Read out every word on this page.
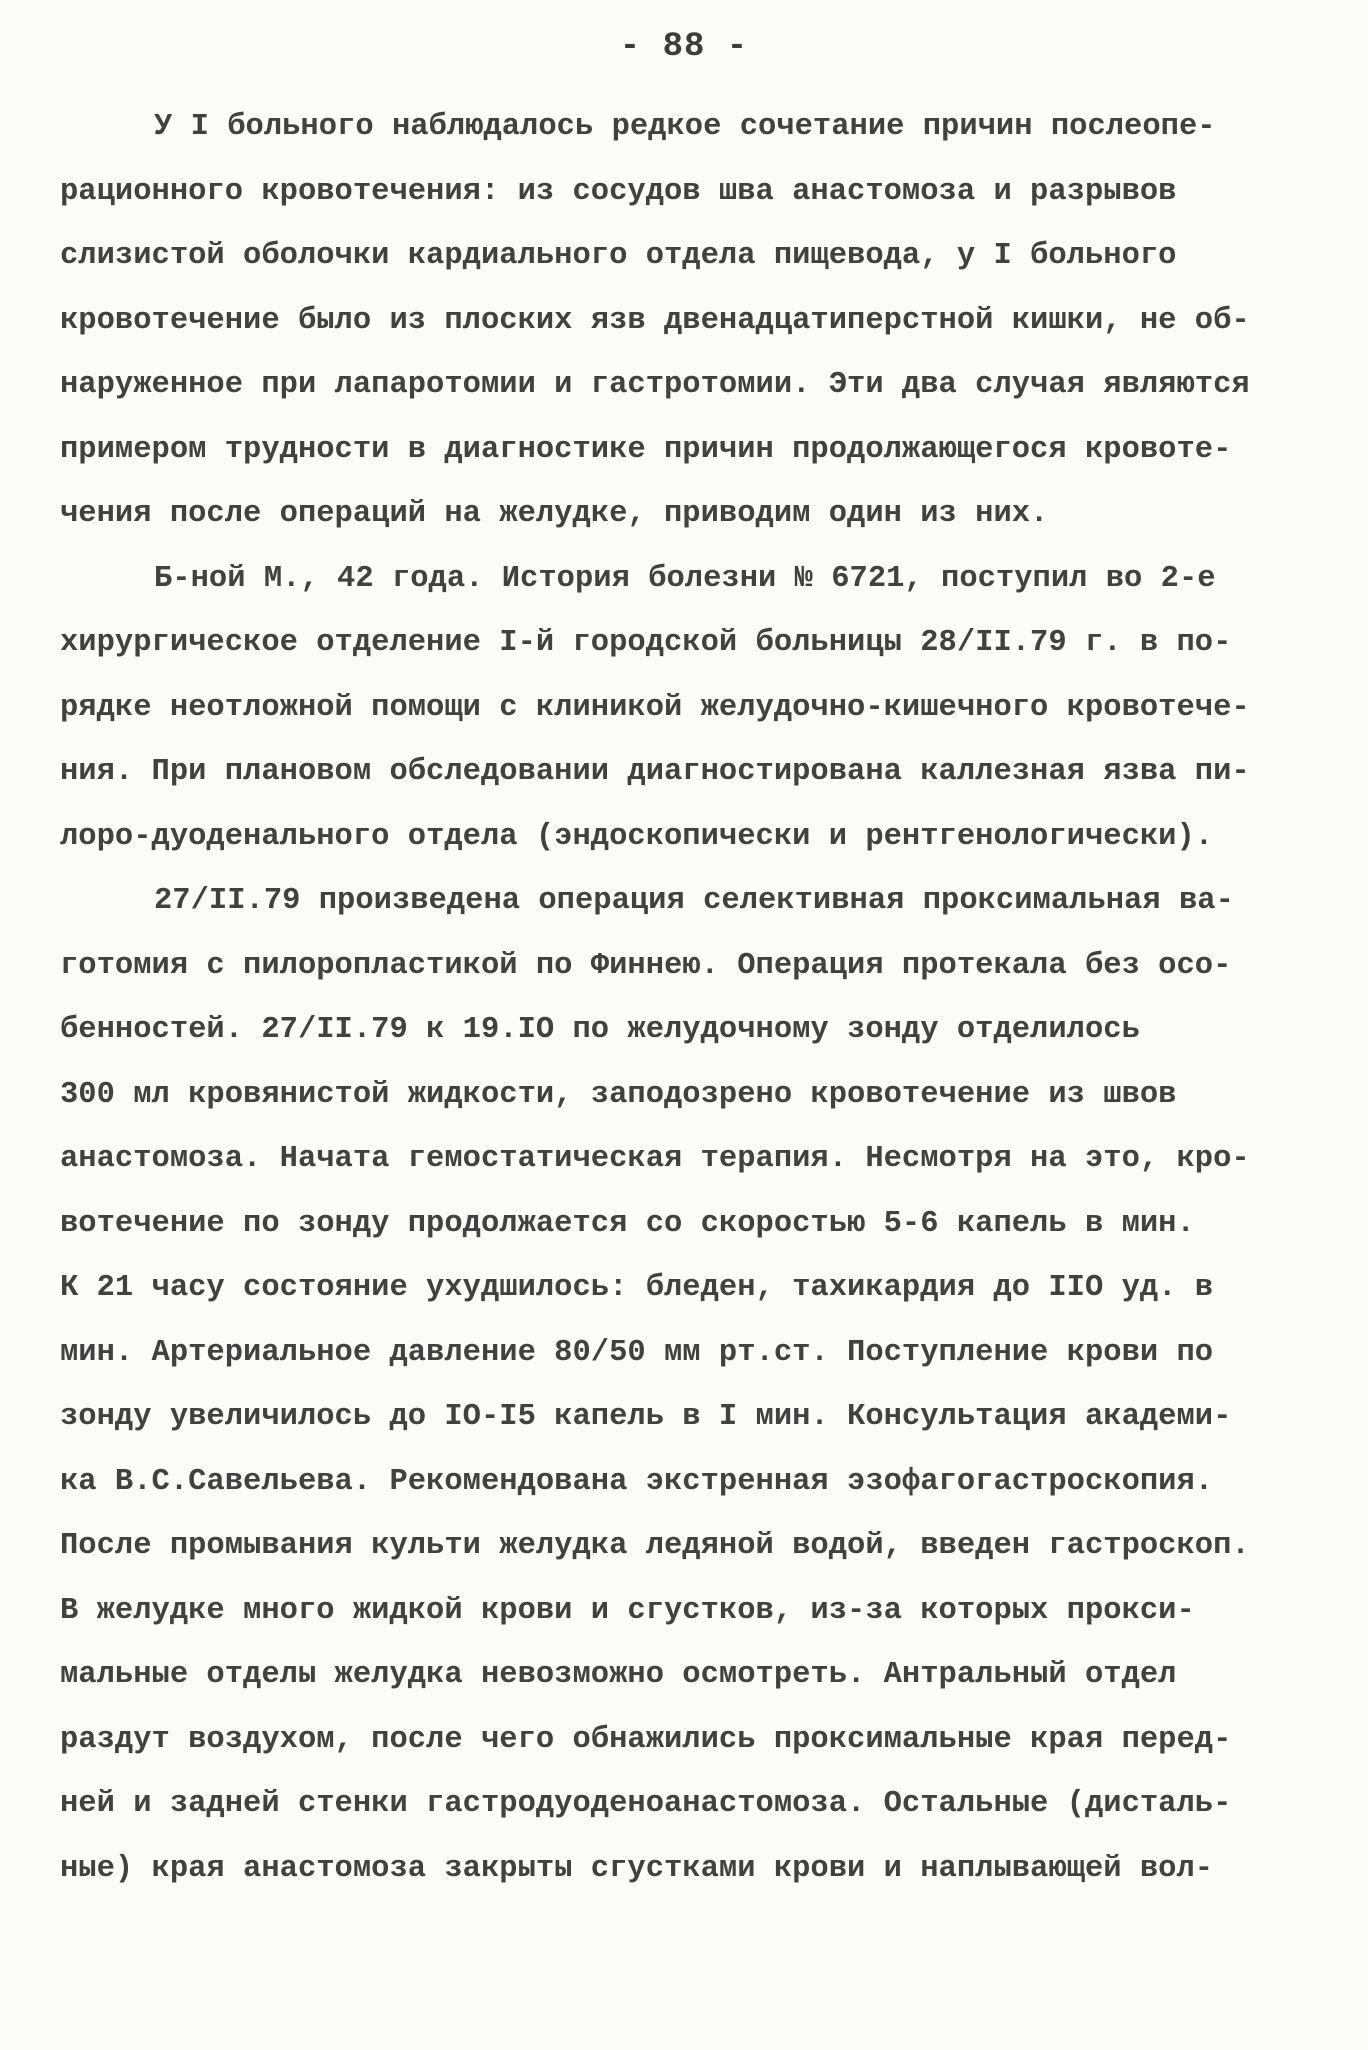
- 88 -
У I больного наблюдалось редкое сочетание причин послеопе-
рационного кровотечения: из сосудов шва анастомоза и разрывов
слизистой оболочки кардиального отдела пищевода, у I больного
кровотечение было из плоских язв двенадцатиперстной кишки, не об-
наруженное при лапаротомии и гастротомии. Эти два случая являются
примером трудности в диагностике причин продолжающегося кровоте-
чения после операций на желудке, приводим один из них.
Б-ной М., 42 года. История болезни № 6721, поступил во 2-е
хирургическое отделение I-й городской больницы 28/II.79 г. в по-
рядке неотложной помощи с клиникой желудочно-кишечного кровотече-
ния. При плановом обследовании диагностирована каллезная язва пи-
лоро-дуоденального отдела (эндоскопически и рентгенологически).
27/II.79 произведена операция селективная проксимальная ва-
готомия с пилоропластикой по Финнею. Операция протекала без осо-
бенностей. 27/II.79 к 19.IO по желудочному зонду отделилось
300 мл кровянистой жидкости, заподозрено кровотечение из швов
анастомоза. Начата гемостатическая терапия. Несмотря на это, кро-
вотечение по зонду продолжается со скоростью 5-6 капель в мин.
К 21 часу состояние ухудшилось: бледен, тахикардия до IIO уд. в
мин. Артериальное давление 80/50 мм рт.ст. Поступление крови по
зонду увеличилось до IO-I5 капель в I мин. Консультация академи-
ка В.С.Савельева. Рекомендована экстренная эзофагогастроскопия.
После промывания культи желудка ледяной водой, введен гастроскоп.
В желудке много жидкой крови и сгустков, из-за которых прокси-
мальные отделы желудка невозможно осмотреть. Антральный отдел
раздут воздухом, после чего обнажились проксимальные края перед-
ней и задней стенки гастродуоденоанастомоза. Остальные (дисталь-
ные) края анастомоза закрыты сгустками крови и наплывающей вол-
